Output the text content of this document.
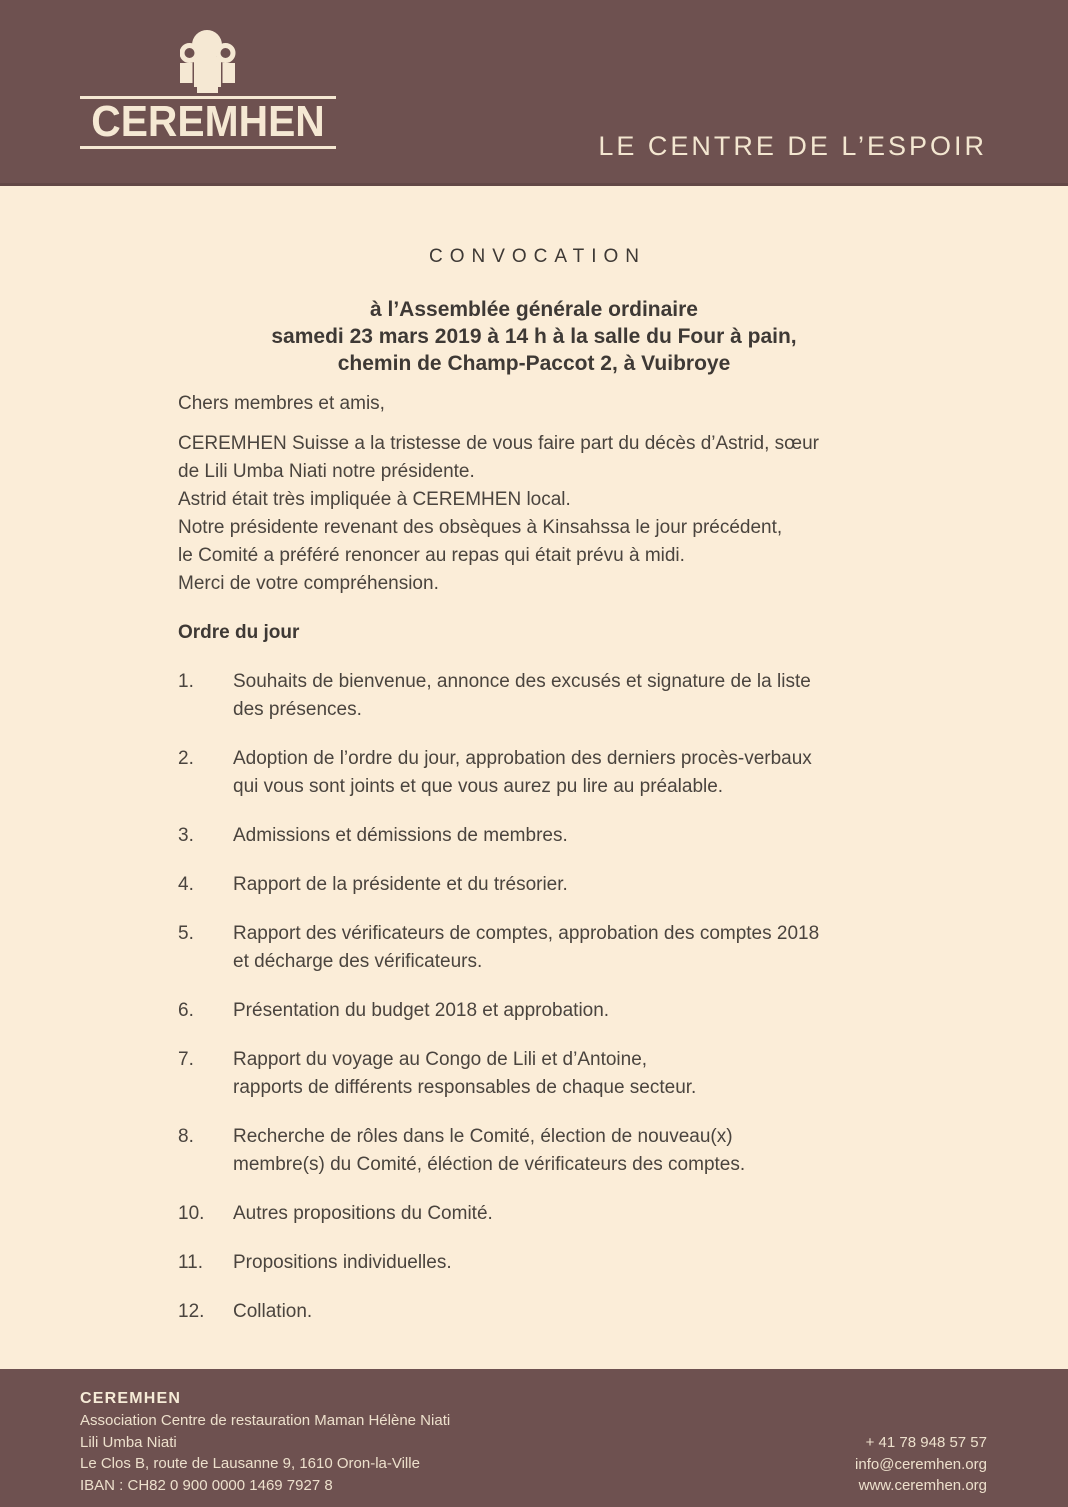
CEREMHEN
LE CENTRE DE L’ESPOIR
CONVOCATION
à l’Assemblée générale ordinaire
samedi 23 mars 2019 à 14 h à la salle du Four à pain,
chemin de Champ-Paccot 2, à Vuibroye
Chers membres et amis,
CEREMHEN Suisse a la tristesse de vous faire part du décès d’Astrid, sœur
de Lili Umba Niati notre présidente.
Astrid était très impliquée à CEREMHEN local.
Notre présidente revenant des obsèques à Kinsahssa le jour précédent,
le Comité a préféré renoncer au repas qui était prévu à midi.
Merci de votre compréhension.
Ordre du jour
1.	Souhaits de bienvenue, annonce des excusés et signature de la liste
des présences.
2.	Adoption de l’ordre du jour, approbation des derniers procès-verbaux
qui vous sont joints et que vous aurez pu lire au préalable.
3.	Admissions et démissions de membres.
4.	Rapport de la présidente et du trésorier.
5.	Rapport des vérificateurs de comptes, approbation des comptes 2018
et décharge des vérificateurs.
6.	Présentation du budget 2018 et approbation.
7.	Rapport du voyage au Congo de Lili et d’Antoine,
rapports de différents responsables de chaque secteur.
8.	Recherche de rôles dans le Comité, élection de nouveau(x)
membre(s) du Comité, éléction de vérificateurs des comptes.
10.	Autres propositions du Comité.
11.	Propositions individuelles.
12.	Collation.
CEREMHEN
Association Centre de restauration Maman Hélène Niati
Lili Umba Niati
Le Clos B, route de Lausanne 9, 1610 Oron-la-Ville
IBAN : CH82 0 900 0000 1469 7927 8
+ 41 78 948 57 57
info@ceremhen.org
www.ceremhen.org
